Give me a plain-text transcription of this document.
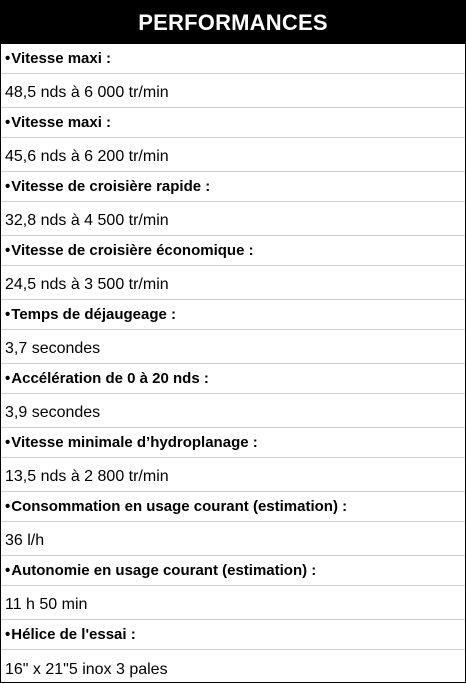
PERFORMANCES
• Vitesse maxi :
48,5 nds à 6 000 tr/min
• Vitesse maxi :
45,6 nds à 6 200 tr/min
• Vitesse de croisière rapide :
32,8 nds à 4 500 tr/min
• Vitesse de croisière économique :
24,5 nds à 3 500 tr/min
• Temps de déjaugeage :
3,7 secondes
• Accélération de 0 à 20 nds :
3,9 secondes
• Vitesse minimale d’hydroplanage :
13,5 nds à 2 800 tr/min
• Consommation en usage courant (estimation) :
36 l/h
• Autonomie en usage courant (estimation) :
11 h 50 min
• Hélice de l'essai :
16" x 21"5 inox 3 pales
